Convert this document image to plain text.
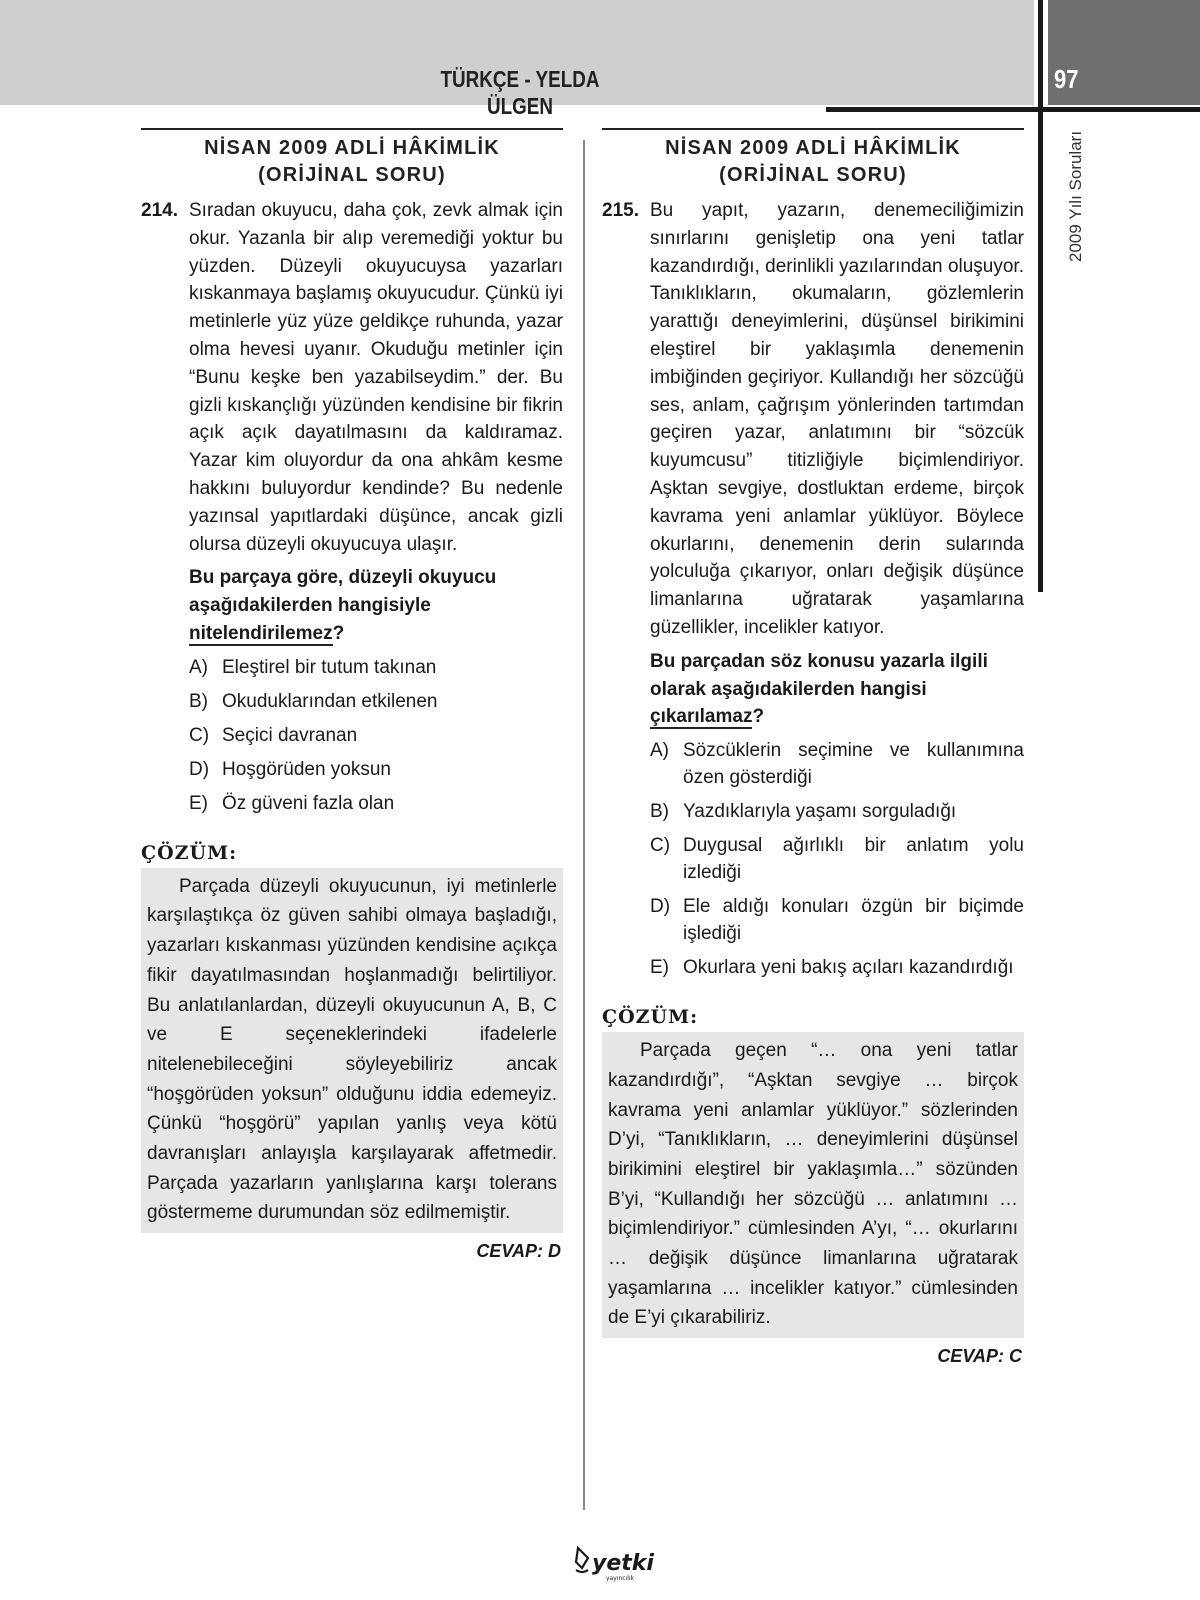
TÜRKÇE - YELDA ÜLGEN
97
2009 Yılı Soruları
NİSAN 2009 ADLİ HÂKİMLİK
(ORİJİNAL SORU)
214. Sıradan okuyucu, daha çok, zevk almak için okur. Yazanla bir alıp veremediği yoktur bu yüzden. Düzeyli okuyucuysa yazarları kıskanmaya başlamış okuyucudur. Çünkü iyi metinlerle yüz yüze geldikçe ruhunda, yazar olma hevesi uyanır. Okuduğu metinler için “Bunu keşke ben yazabilseydim.” der. Bu gizli kıskançlığı yüzünden kendisine bir fikrin açık açık dayatılmasını da kaldıramaz. Yazar kim oluyordur da ona ahkâm kesme hakkını buluyordur kendinde? Bu nedenle yazınsal yapıtlardaki düşünce, ancak gizli olursa düzeyli okuyucuya ulaşır.

Bu parçaya göre, düzeyli okuyucu aşağıdakilerden hangisiyle nitelendirilemez?

A) Eleştirel bir tutum takınan
B) Okuduklarından etkilenen
C) Seçici davranan
D) Hoşgörüden yoksun
E) Öz güveni fazla olan
ÇÖZÜM:
Parçada düzeyli okuyucunun, iyi metinlerle karşılaştıkça öz güven sahibi olmaya başladığı, yazarları kıskanması yüzünden kendisine açıkça fikir dayatılmasından hoşlanmadığı belirtiliyor. Bu anlatılanlardan, düzeyli okuyucunun A, B, C ve E seçeneklerindeki ifadelerle nitelenebileceğini söyleyebiliriz ancak “hoşgörüden yoksun” olduğunu iddia edemeyiz. Çünkü “hoşgörü” yapılan yanlış veya kötü davranışları anlayışla karşılayarak affetmedir. Parçada yazarların yanlışlarına karşı tolerans göstermeme durumundan söz edilmemiştir.
CEVAP: D
NİSAN 2009 ADLİ HÂKİMLİK
(ORİJİNAL SORU)
215. Bu yapıt, yazarın, denemeciliğimizin sınırlarını genişletip ona yeni tatlar kazandırdığı, derinlikli yazılarından oluşuyor. Tanıklıkların, okumaların, gözlemlerin yarattığı deneyimlerini, düşünsel birikimini eleştirel bir yaklaşımla denemenin imbiğinden geçiriyor. Kullandığı her sözcüğü ses, anlam, çağrışım yönlerinden tartımdan geçiren yazar, anlatımını bir “sözcük kuyumcusu” titizliğiyle biçimlendiriyor. Aşktan sevgiye, dostluktan erdeme, birçok kavrama yeni anlamlar yüklüyor. Böylece okurlarını, denemenin derin sularında yolculuğa çıkarıyor, onları değişik düşünce limanlarına uğratarak yaşamlarına güzellikler, incelikler katıyor.

Bu parçadan söz konusu yazarla ilgili olarak aşağıdakilerden hangisi çıkarılamaz?

A) Sözcüklerin seçimine ve kullanımına özen gösterdiği
B) Yazdıklarıyla yaşamı sorguladığı
C) Duygusal ağırlıklı bir anlatım yolu izlediği
D) Ele aldığı konuları özgün bir biçimde işlediği
E) Okurlara yeni bakış açıları kazandırdığı
ÇÖZÜM:
Parçada geçen “… ona yeni tatlar kazandırdığı”, “Aşktan sevgiye … birçok kavrama yeni anlamlar yüklüyor.” sözlerinden D’yi, “Tanıklıkların, … deneyimlerini düşünsel birikimini eleştirel bir yaklaşımla…” sözünden B’yi, “Kullandığı her sözcüğü … anlatımını … biçimlendiriyor.” cümlesinden A’yı, “… okurlarını … değişik düşünce limanlarına uğratarak yaşamlarına … incelikler katıyor.” cümlesinden de E’yi çıkarabiliriz.
CEVAP: C
yetki
yayıncılık
